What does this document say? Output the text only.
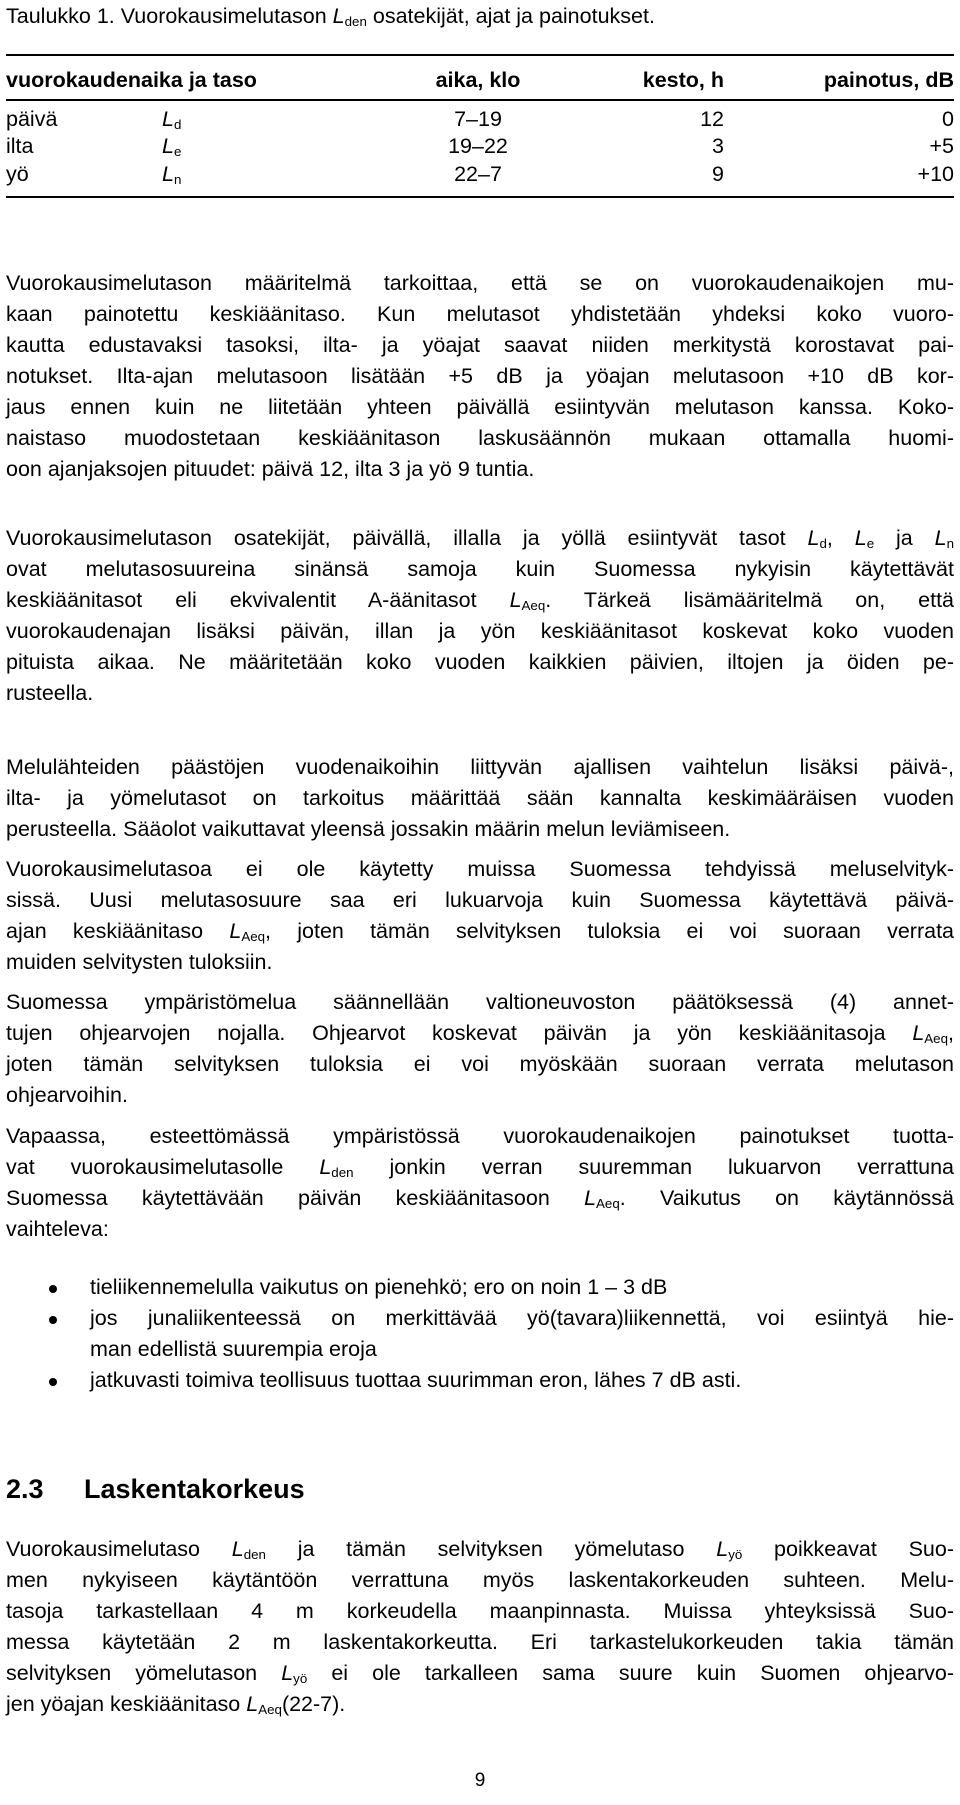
Taulukko 1. Vuorokausimelutason $L_{den}$ osatekijät, ajat ja painotukset.
vuorokaudenaika ja taso	aika, klo	kesto, h	painotus, dB
päivä	$L_d$	7–19	12	0
ilta	$L_e$	19–22	3	+5
yö	$L_n$	22–7	9	+10
Vuorokausimelutason määritelmä tarkoittaa, että se on vuorokaudenaikojen mu-
kaan painotettu keskiäänitaso. Kun melutasot yhdistetään yhdeksi koko vuoro-
kautta edustavaksi tasoksi, ilta- ja yöajat saavat niiden merkitystä korostavat pai-
notukset. Ilta-ajan melutasoon lisätään +5 dB ja yöajan melutasoon +10 dB kor-
jaus ennen kuin ne liitetään yhteen päivällä esiintyvän melutason kanssa. Koko-
naistaso muodostetaan keskiäänitason laskusäännön mukaan ottamalla huomi-
oon ajanjaksojen pituudet: päivä 12, ilta 3 ja yö 9 tuntia.
Vuorokausimelutason osatekijät, päivällä, illalla ja yöllä esiintyvät tasot $L_d$, $L_e$ ja $L_n$
ovat melutasosuureina sinänsä samoja kuin Suomessa nykyisin käytettävät
keskiäänitasot eli ekvivalentit A-äänitasot $L_{Aeq}$. Tärkeä lisämääritelmä on, että
vuorokaudenajan lisäksi päivän, illan ja yön keskiäänitasot koskevat koko vuoden
pituista aikaa. Ne määritetään koko vuoden kaikkien päivien, iltojen ja öiden pe-
rusteella.
Melulähteiden päästöjen vuodenaikoihin liittyvän ajallisen vaihtelun lisäksi päivä-,
ilta- ja yömelutasot on tarkoitus määrittää sään kannalta keskimääräisen vuoden
perusteella. Sääolot vaikuttavat yleensä jossakin määrin melun leviämiseen.
Vuorokausimelutasoa ei ole käytetty muissa Suomessa tehdyissä meluselvityk-
sissä. Uusi melutasosuure saa eri lukuarvoja kuin Suomessa käytettävä päivä-
ajan keskiäänitaso $L_{Aeq}$, joten tämän selvityksen tuloksia ei voi suoraan verrata
muiden selvitysten tuloksiin.
Suomessa ympäristömelua säännellään valtioneuvoston päätöksessä (4) annet-
tujen ohjearvojen nojalla. Ohjearvot koskevat päivän ja yön keskiäänitasoja $L_{Aeq}$,
joten tämän selvityksen tuloksia ei voi myöskään suoraan verrata melutason
ohjearvoihin.
Vapaassa, esteettömässä ympäristössä vuorokaudenaikojen painotukset tuotta-
vat vuorokausimelutasolle $L_{den}$ jonkin verran suuremman lukuarvon verrattuna
Suomessa käytettävään päivän keskiäänitasoon $L_{Aeq}$. Vaikutus on käytännössä
vaihteleva:
tieliikennemelulla vaikutus on pienehkö; ero on noin 1 – 3 dB
jos junaliikenteessä on merkittävää yö(tavara)liikennettä, voi esiintyä hie-
man edellistä suurempia eroja
jatkuvasti toimiva teollisuus tuottaa suurimman eron, lähes 7 dB asti.
2.3 Laskentakorkeus
Vuorokausimelutaso $L_{den}$ ja tämän selvityksen yömelutaso $L_{yö}$ poikkeavat Suo-
men nykyiseen käytäntöön verrattuna myös laskentakorkeuden suhteen. Melu-
tasoja tarkastellaan 4 m korkeudella maanpinnasta. Muissa yhteyksissä Suo-
messa käytetään 2 m laskentakorkeutta. Eri tarkastelukorkeuden takia tämän
selvityksen yömelutason $L_{yö}$ ei ole tarkalleen sama suure kuin Suomen ohjearvo-
jen yöajan keskiäänitaso $L_{Aeq}(22-7)$.
9
